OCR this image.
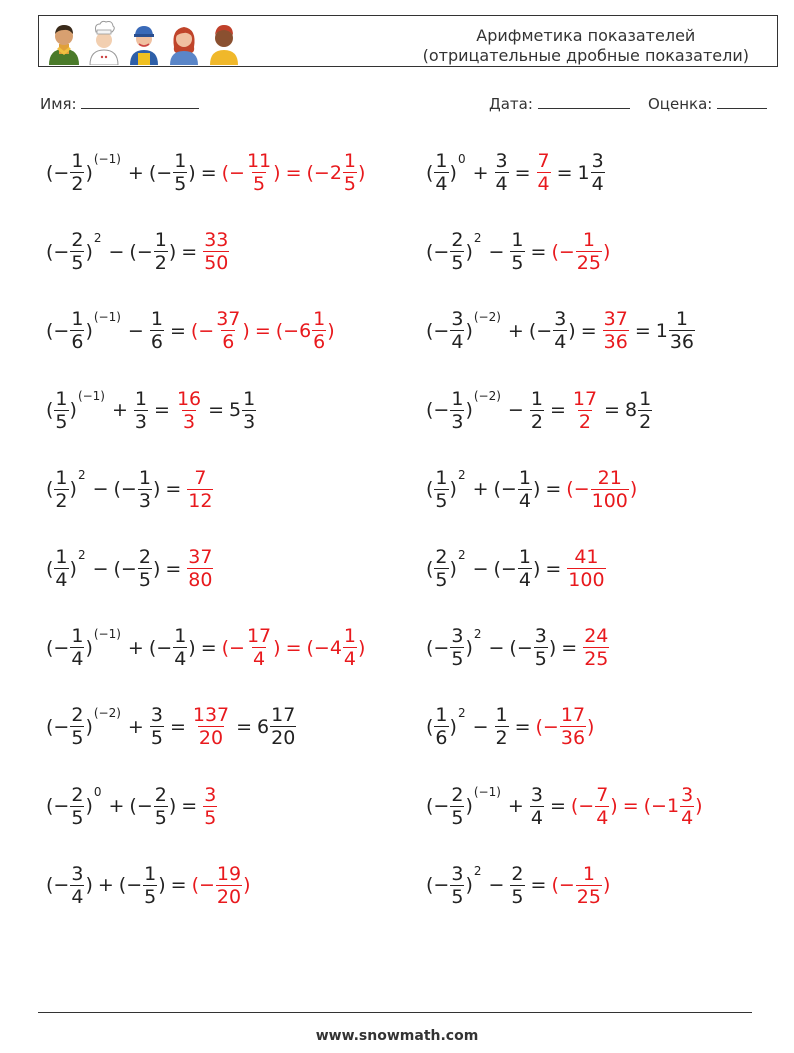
Арифметика показателей
(отрицательные дробные показатели)
Имя:	Дата:	Оценка:
(− $\frac{1}{2}$ )
(−1)
+ (− $\frac{1}{5}$ ) = (− $\frac{11}{5}$ ) = ($-2 \frac{1}{5}$ )	( $\frac{1}{4}$ )
0
+ $\frac{3}{4} = \frac{7}{4} = 1 \frac{3}{4}$
(− $\frac{2}{5}$ )
2
− (− $\frac{1}{2}$ ) = $\frac{33}{50}$	(− $\frac{2}{5}$ )
2
− $\frac{1}{5}$ = (− $\frac{1}{25}$ )
(− $\frac{1}{6}$ )
(−1)
− $\frac{1}{6}$ = (− $\frac{37}{6}$ ) = ($-6 \frac{1}{6}$ )	(− $\frac{3}{4}$ )
(−2)
+ (− $\frac{3}{4}$ ) = $\frac{37}{36} = 1 \frac{1}{36}$
( $\frac{1}{5}$ )
(−1)
+ $\frac{1}{3} = \frac{16}{3} = 5 \frac{1}{3}$	(− $\frac{1}{3}$ )
(−2)
− $\frac{1}{2} = \frac{17}{2} = 8 \frac{1}{2}$
( $\frac{1}{2}$ )
2
− (− $\frac{1}{3}$ ) = $\frac{7}{12}$	( $\frac{1}{5}$ )
2
+ (− $\frac{1}{4}$ ) = (− $\frac{21}{100}$ )
( $\frac{1}{4}$ )
2
− (− $\frac{2}{5}$ ) = $\frac{37}{80}$	( $\frac{2}{5}$ )
2
− (− $\frac{1}{4}$ ) = $\frac{41}{100}$
(− $\frac{1}{4}$ )
(−1)
+ (− $\frac{1}{4}$ ) = (− $\frac{17}{4}$ ) = ($-4 \frac{1}{4}$ )	(− $\frac{3}{5}$ )
2
− (− $\frac{3}{5}$ ) = $\frac{24}{25}$
(− $\frac{2}{5}$ )
(−2)
+ $\frac{3}{5} = \frac{137}{20} = 6 \frac{17}{20}$	( $\frac{1}{6}$ )
2
− $\frac{1}{2}$ = (− $\frac{17}{36}$ )
(− $\frac{2}{5}$ )
0
+ (− $\frac{2}{5}$ ) = $\frac{3}{5}$	(− $\frac{2}{5}$ )
(−1)
+ $\frac{3}{4}$ = (− $\frac{7}{4}$ ) = ($-1 \frac{3}{4}$ )
(− $\frac{3}{4}$ ) + (− $\frac{1}{5}$ ) = (− $\frac{19}{20}$ )	(− $\frac{3}{5}$ )
2
− $\frac{2}{5}$ = (− $\frac{1}{25}$ )
www.snowmath.com
